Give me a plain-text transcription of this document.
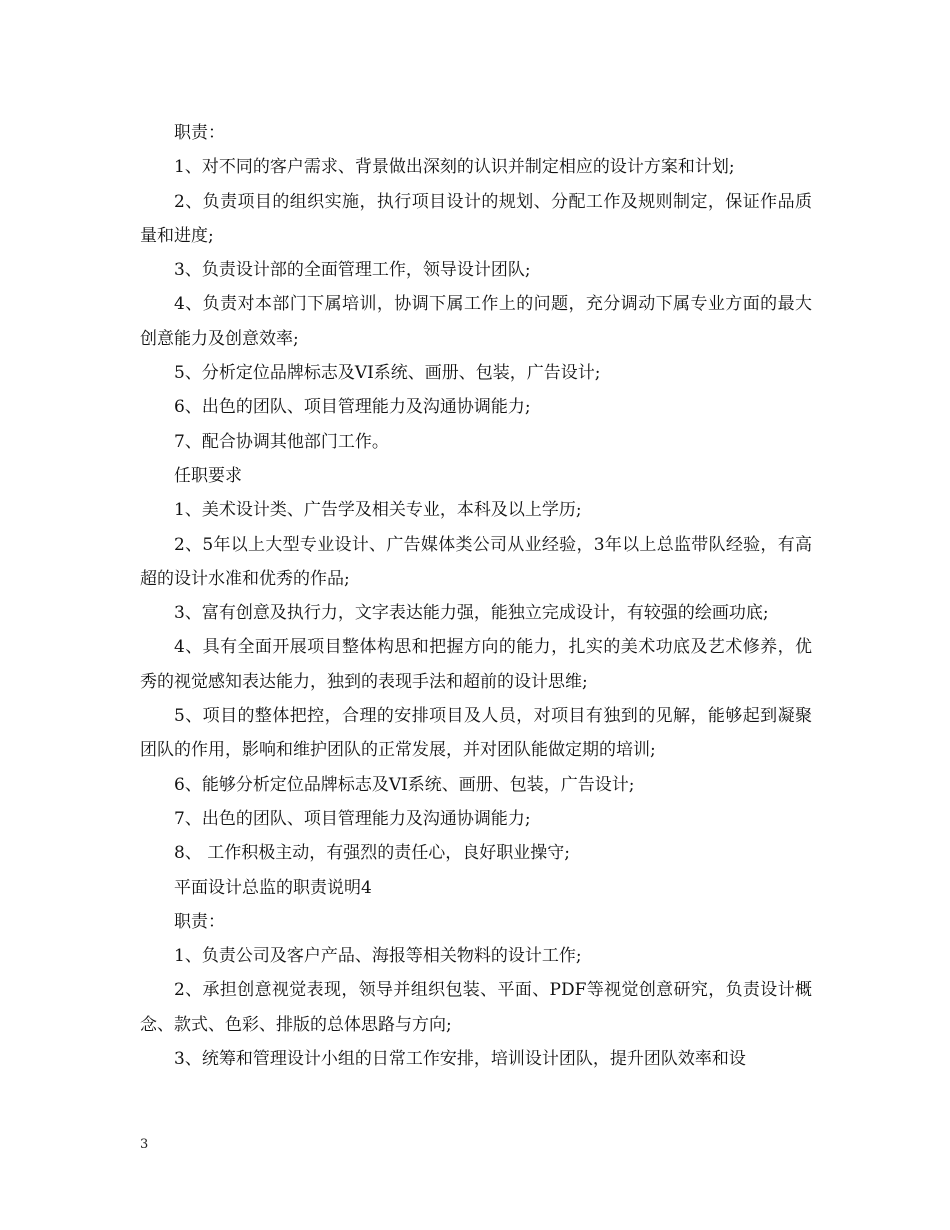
职责：

1、对不同的客户需求、背景做出深刻的认识并制定相应的设计方案和计划;

2、负责项目的组织实施，执行项目设计的规划、分配工作及规则制定，保证作品质量和进度;

3、负责设计部的全面管理工作，领导设计团队;

4、负责对本部门下属培训，协调下属工作上的问题，充分调动下属专业方面的最大创意能力及创意效率;

5、分析定位品牌标志及VI系统、画册、包装，广告设计;

6、出色的团队、项目管理能力及沟通协调能力;

7、配合协调其他部门工作。

任职要求

1、美术设计类、广告学及相关专业，本科及以上学历;

2、5年以上大型专业设计、广告媒体类公司从业经验，3年以上总监带队经验，有高超的设计水准和优秀的作品;

3、富有创意及执行力，文字表达能力强，能独立完成设计，有较强的绘画功底;

4、具有全面开展项目整体构思和把握方向的能力，扎实的美术功底及艺术修养，优秀的视觉感知表达能力，独到的表现手法和超前的设计思维;

5、项目的整体把控，合理的安排项目及人员，对项目有独到的见解，能够起到凝聚团队的作用，影响和维护团队的正常发展，并对团队能做定期的培训;

6、能够分析定位品牌标志及VI系统、画册、包装，广告设计;

7、出色的团队、项目管理能力及沟通协调能力;

8、 工作积极主动，有强烈的责任心，良好职业操守;

平面设计总监的职责说明4

职责：

1、负责公司及客户产品、海报等相关物料的设计工作;

2、承担创意视觉表现，领导并组织包装、平面、PDF等视觉创意研究，负责设计概念、款式、色彩、排版的总体思路与方向;

3、统筹和管理设计小组的日常工作安排，培训设计团队，提升团队效率和设

3
